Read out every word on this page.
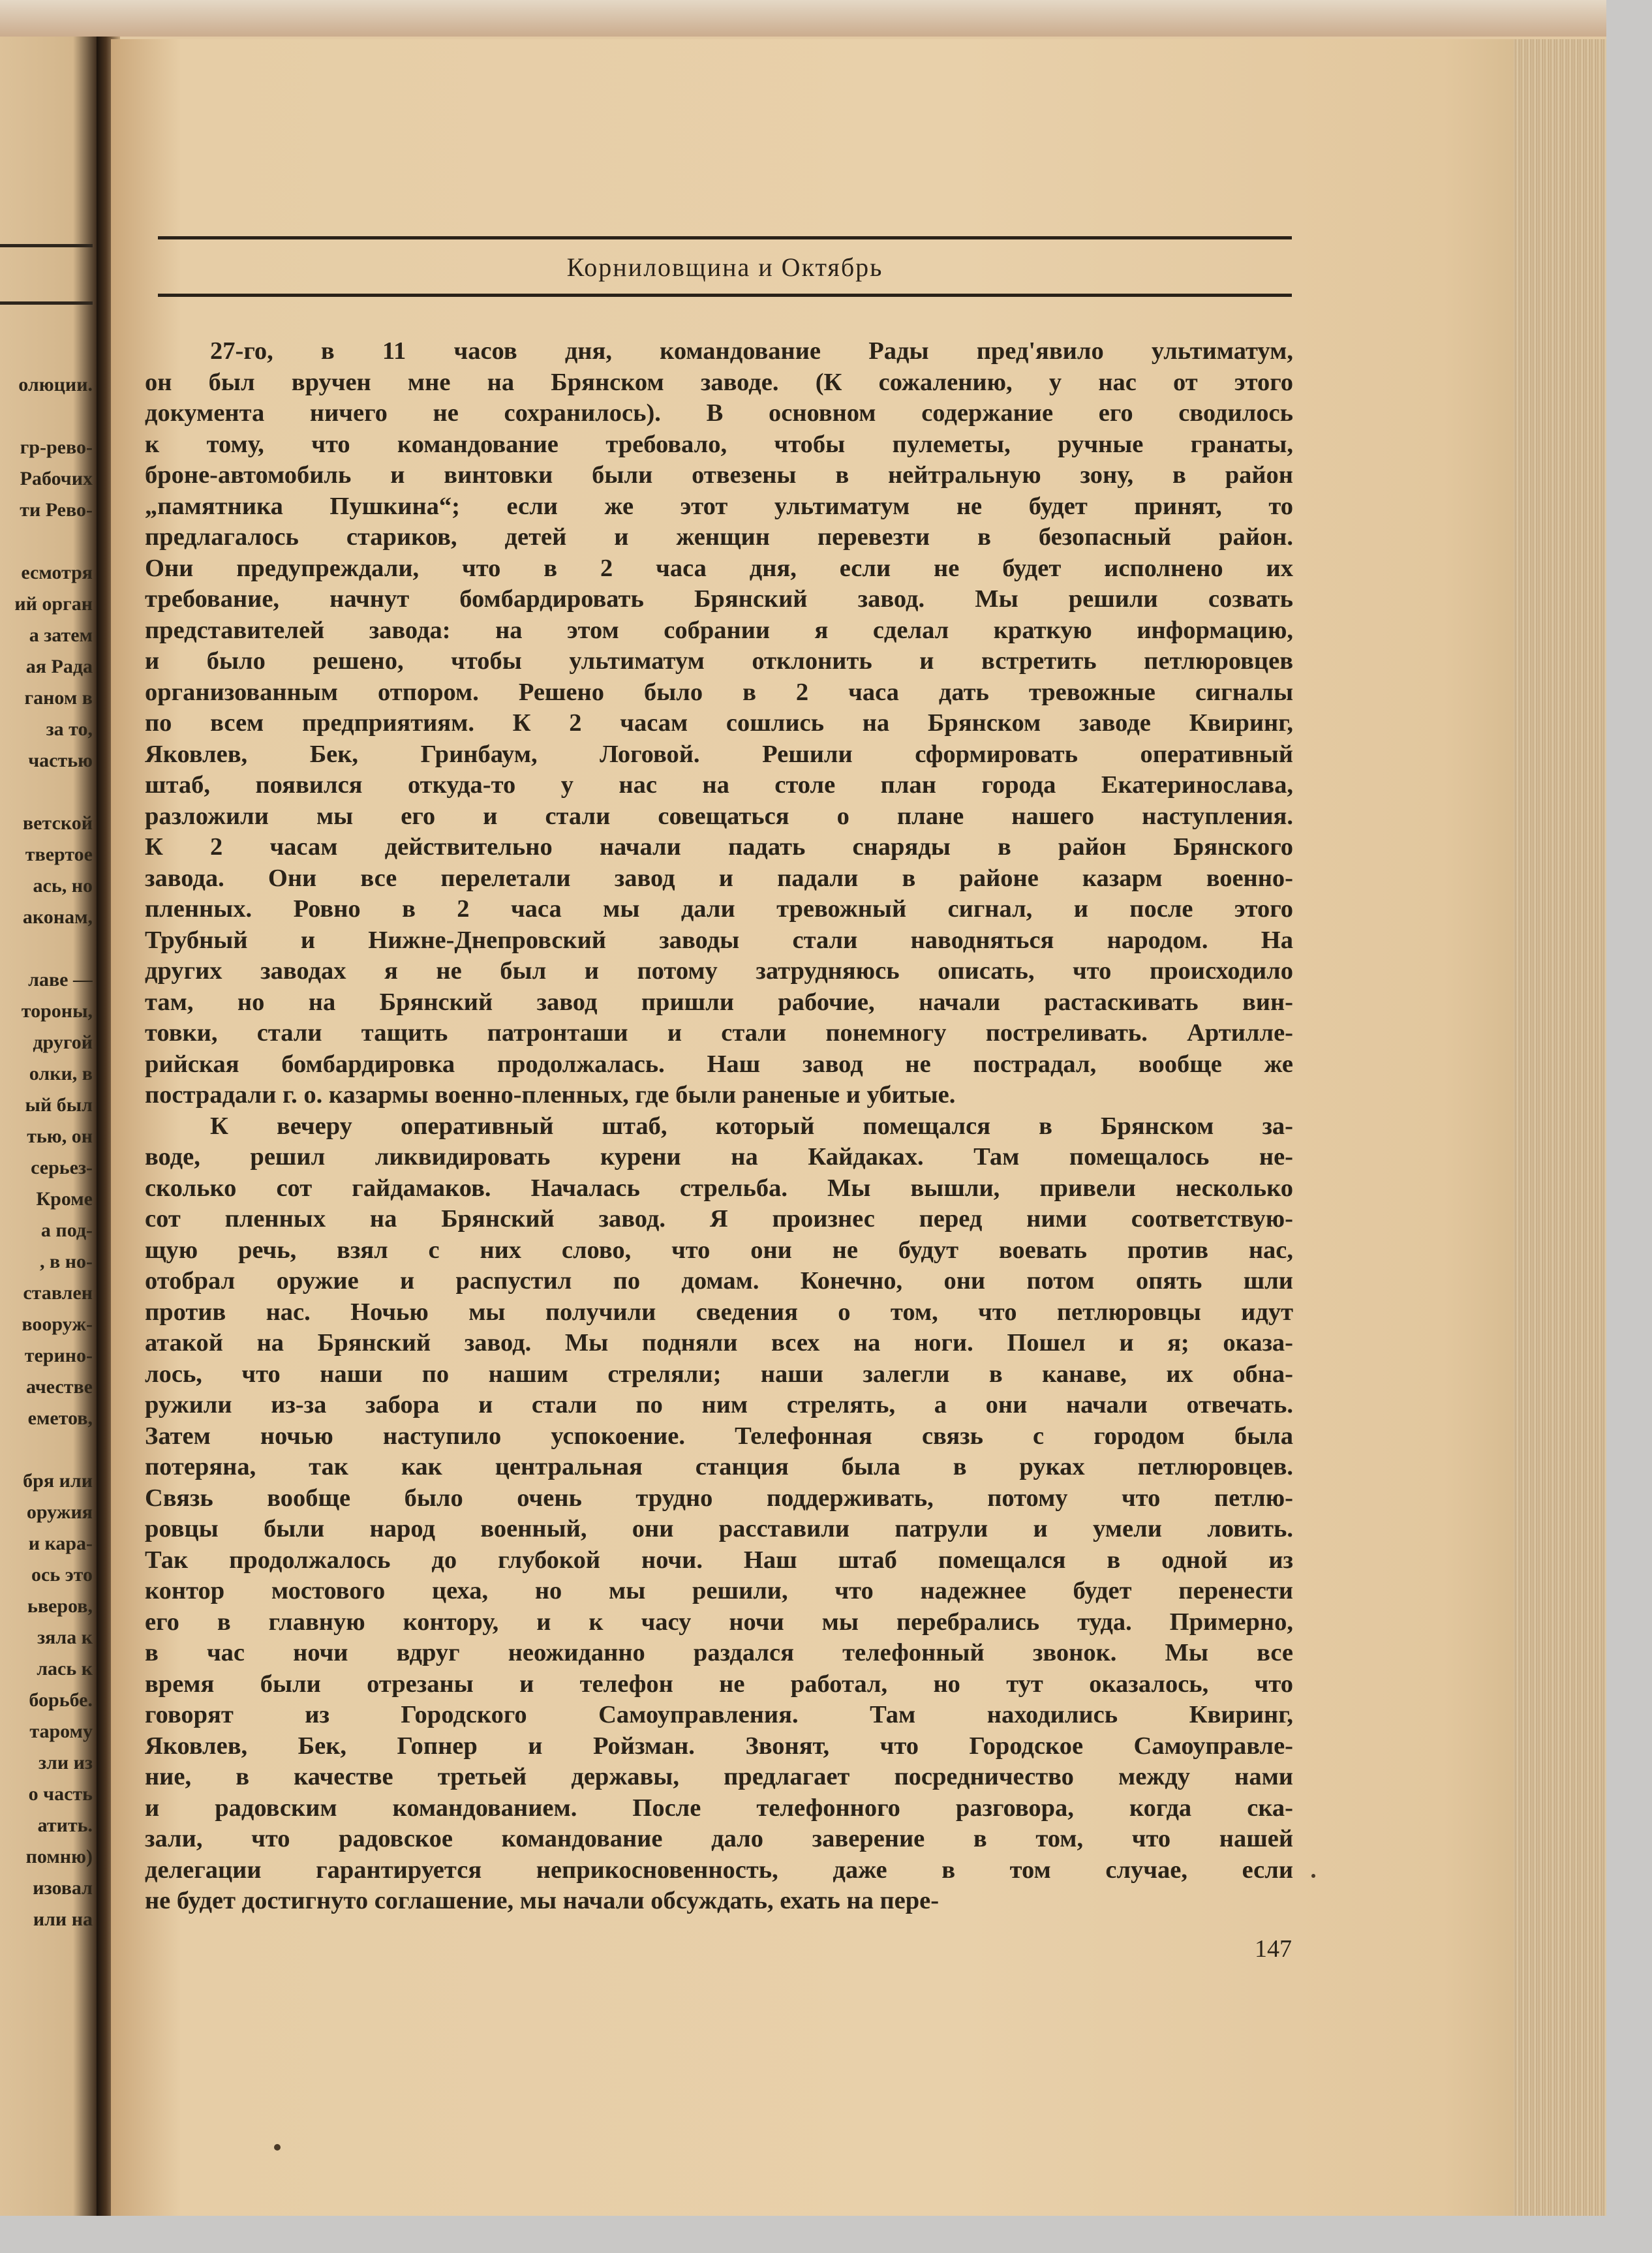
олюции.
гр-рево-
Рабочих
ти Рево-
есмотря
ий орган
а затем
ая Рада
ганом в
за то,
частью
ветской
твертое
ась, но
аконам,
лаве —
тороны,
другой
олки, в
ый был
тью, он
серьез-
Кроме
а под-
, в но-
ставлен
вооруж-
терино-
ачестве
еметов,
бря или
оружия
и кара-
ось это
ьверов,
зяла к
лась к
борьбе.
тарому
зли из
о часть
атить.
помню)
изовал
или на
Корниловщина и Октябрь
27-го, в 11 часов дня, командование Рады пред'явило ультиматум,
он был вручен мне на Брянском заводе. (К сожалению, у нас от этого
документа ничего не сохранилось). В основном содержание его сводилось
к тому, что командование требовало, чтобы пулеметы, ручные гранаты,
броне-автомобиль и винтовки были отвезены в нейтральную зону, в район
„памятника Пушкина“; если же этот ультиматум не будет принят, то
предлагалось стариков, детей и женщин перевезти в безопасный район.
Они предупреждали, что в 2 часа дня, если не будет исполнено их
требование, начнут бомбардировать Брянский завод. Мы решили созвать
представителей завода: на этом собрании я сделал краткую информацию,
и было решено, чтобы ультиматум отклонить и встретить петлюровцев
организованным отпором. Решено было в 2 часа дать тревожные сигналы
по всем предприятиям. К 2 часам сошлись на Брянском заводе Квиринг,
Яковлев, Бек, Гринбаум, Логовой. Решили сформировать оперативный
штаб, появился откуда-то у нас на столе план города Екатеринослава,
разложили мы его и стали совещаться о плане нашего наступления.
К 2 часам действительно начали падать снаряды в район Брянского
завода. Они все перелетали завод и падали в районе казарм военно-
пленных. Ровно в 2 часа мы дали тревожный сигнал, и после этого
Трубный и Нижне-Днепровский заводы стали наводняться народом. На
других заводах я не был и потому затрудняюсь описать, что происходило
там, но на Брянский завод пришли рабочие, начали растаскивать вин-
товки, стали тащить патронташи и стали понемногу постреливать. Артилле-
рийская бомбардировка продолжалась. Наш завод не пострадал, вообще же
пострадали г. о. казармы военно-пленных, где были раненые и убитые.
К вечеру оперативный штаб, который помещался в Брянском за-
воде, решил ликвидировать курени на Кайдаках. Там помещалось не-
сколько сот гайдамаков. Началась стрельба. Мы вышли, привели несколько
сот пленных на Брянский завод. Я произнес перед ними соответствую-
щую речь, взял с них слово, что они не будут воевать против нас,
отобрал оружие и распустил по домам. Конечно, они потом опять шли
против нас. Ночью мы получили сведения о том, что петлюровцы идут
атакой на Брянский завод. Мы подняли всех на ноги. Пошел и я; оказа-
лось, что наши по нашим стреляли; наши залегли в канаве, их обна-
ружили из-за забора и стали по ним стрелять, а они начали отвечать.
Затем ночью наступило успокоение. Телефонная связь с городом была
потеряна, так как центральная станция была в руках петлюровцев.
Связь вообще было очень трудно поддерживать, потому что петлю-
ровцы были народ военный, они расставили патрули и умели ловить.
Так продолжалось до глубокой ночи. Наш штаб помещался в одной из
контор мостового цеха, но мы решили, что надежнее будет перенести
его в главную контору, и к часу ночи мы перебрались туда. Примерно,
в час ночи вдруг неожиданно раздался телефонный звонок. Мы все
время были отрезаны и телефон не работал, но тут оказалось, что
говорят из Городского Самоуправления. Там находились Квиринг,
Яковлев, Бек, Гопнер и Ройзман. Звонят, что Городское Самоуправле-
ние, в качестве третьей державы, предлагает посредничество между нами
и радовским командованием. После телефонного разговора, когда ска-
зали, что радовское командование дало заверение в том, что нашей
делегации гарантируется неприкосновенность, даже в том случае, если
не будет достигнуто соглашение, мы начали обсуждать, ехать на пере-
147
